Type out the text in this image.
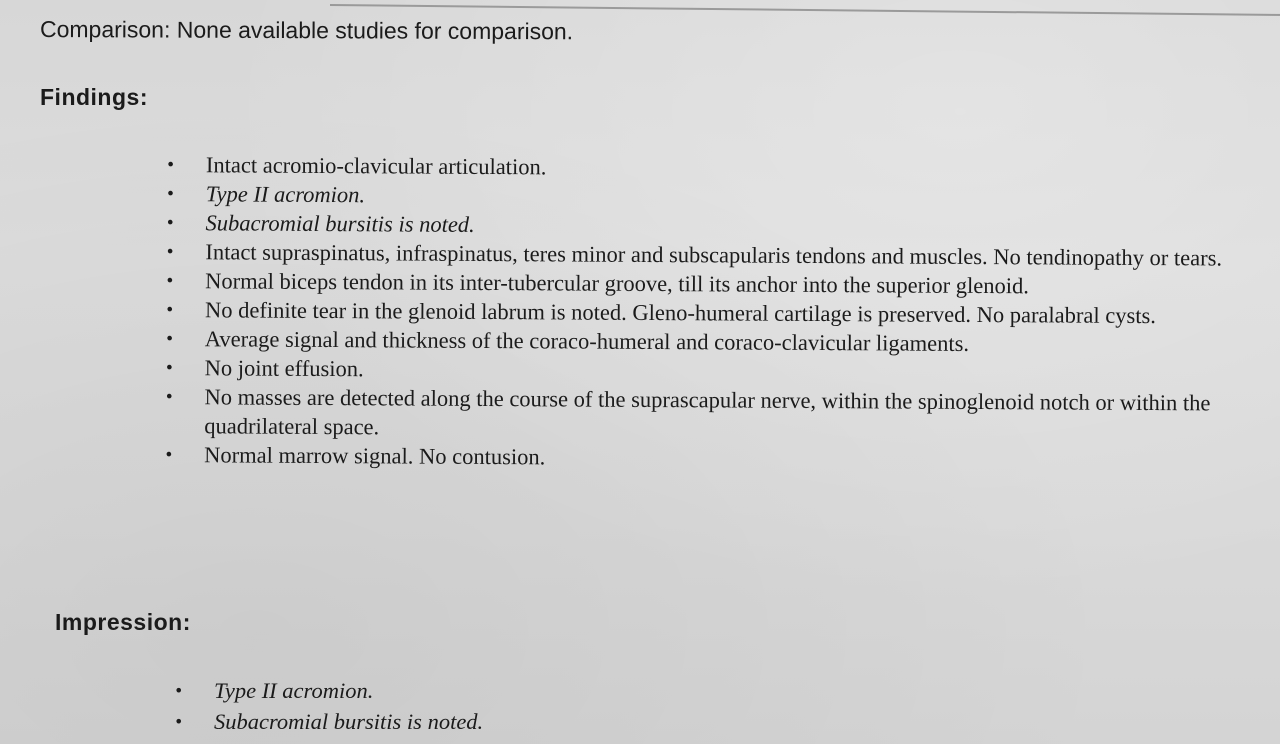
Comparison: None available studies for comparison.
Findings:
• Intact acromio-clavicular articulation.
• Type II acromion.
• Subacromial bursitis is noted.
• Intact supraspinatus, infraspinatus, teres minor and subscapularis tendons and muscles. No tendinopathy or tears.
• Normal biceps tendon in its inter-tubercular groove, till its anchor into the superior glenoid.
• No definite tear in the glenoid labrum is noted. Gleno-humeral cartilage is preserved. No paralabral cysts.
• Average signal and thickness of the coraco-humeral and coraco-clavicular ligaments.
• No joint effusion.
• No masses are detected along the course of the suprascapular nerve, within the spinoglenoid notch or within the quadrilateral space.
• Normal marrow signal. No contusion.
Impression:
• Type II acromion.
• Subacromial bursitis is noted.
